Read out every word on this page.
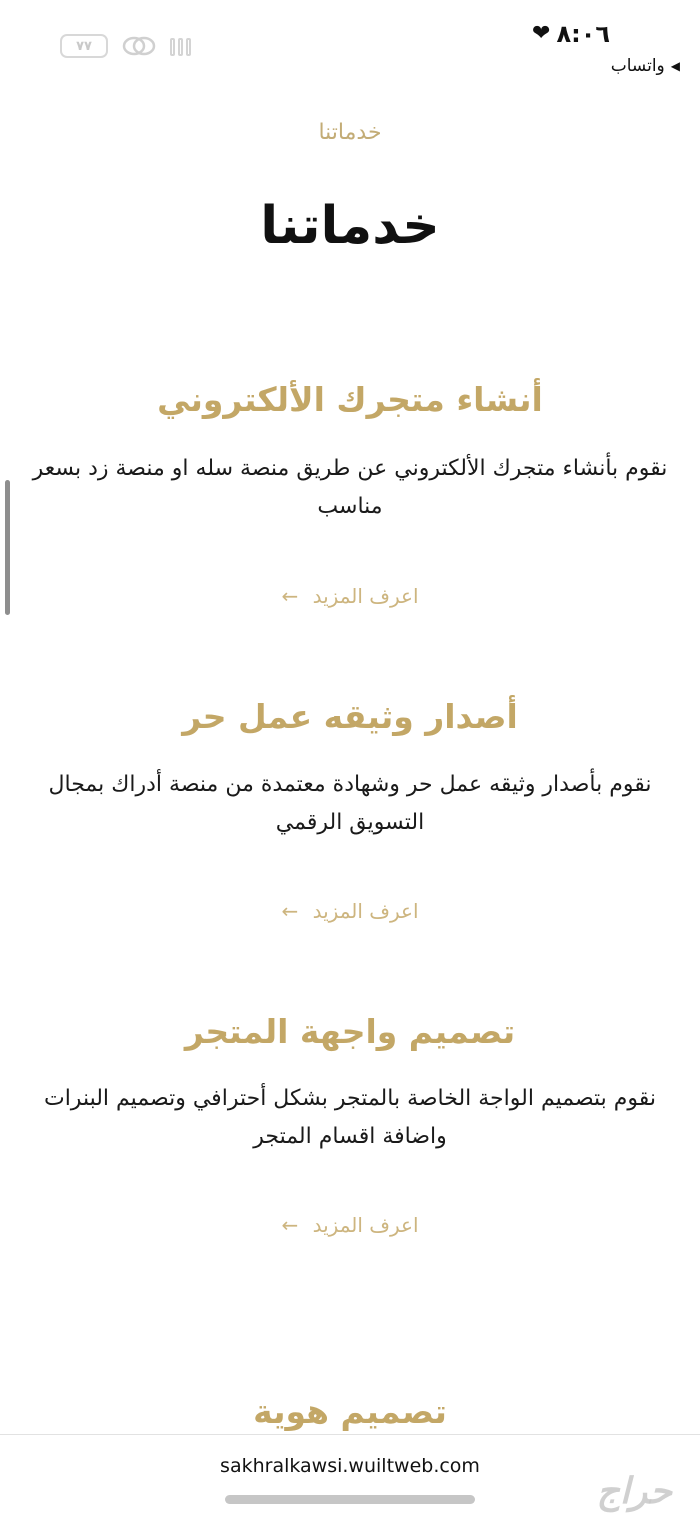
٧٧	❤ ٨:٠٦
◀
واتساب
خدماتنا
خدماتنا
أنشاء متجرك الألكتروني
نقوم بأنشاء متجرك الألكتروني عن طريق منصة سله او منصة زد بسعر مناسب
اعرف المزيد ←
أصدار وثيقه عمل حر
نقوم بأصدار وثيقه عمل حر وشهادة معتمدة من منصة أدراك بمجال التسويق الرقمي
اعرف المزيد ←
تصميم واجهة المتجر
نقوم بتصميم الواجة الخاصة بالمتجر بشكل أحترافي وتصميم البنرات واضافة اقسام المتجر
اعرف المزيد ←
تصميم هوية
sakhralkawsi.wuiltweb.com
حراج
